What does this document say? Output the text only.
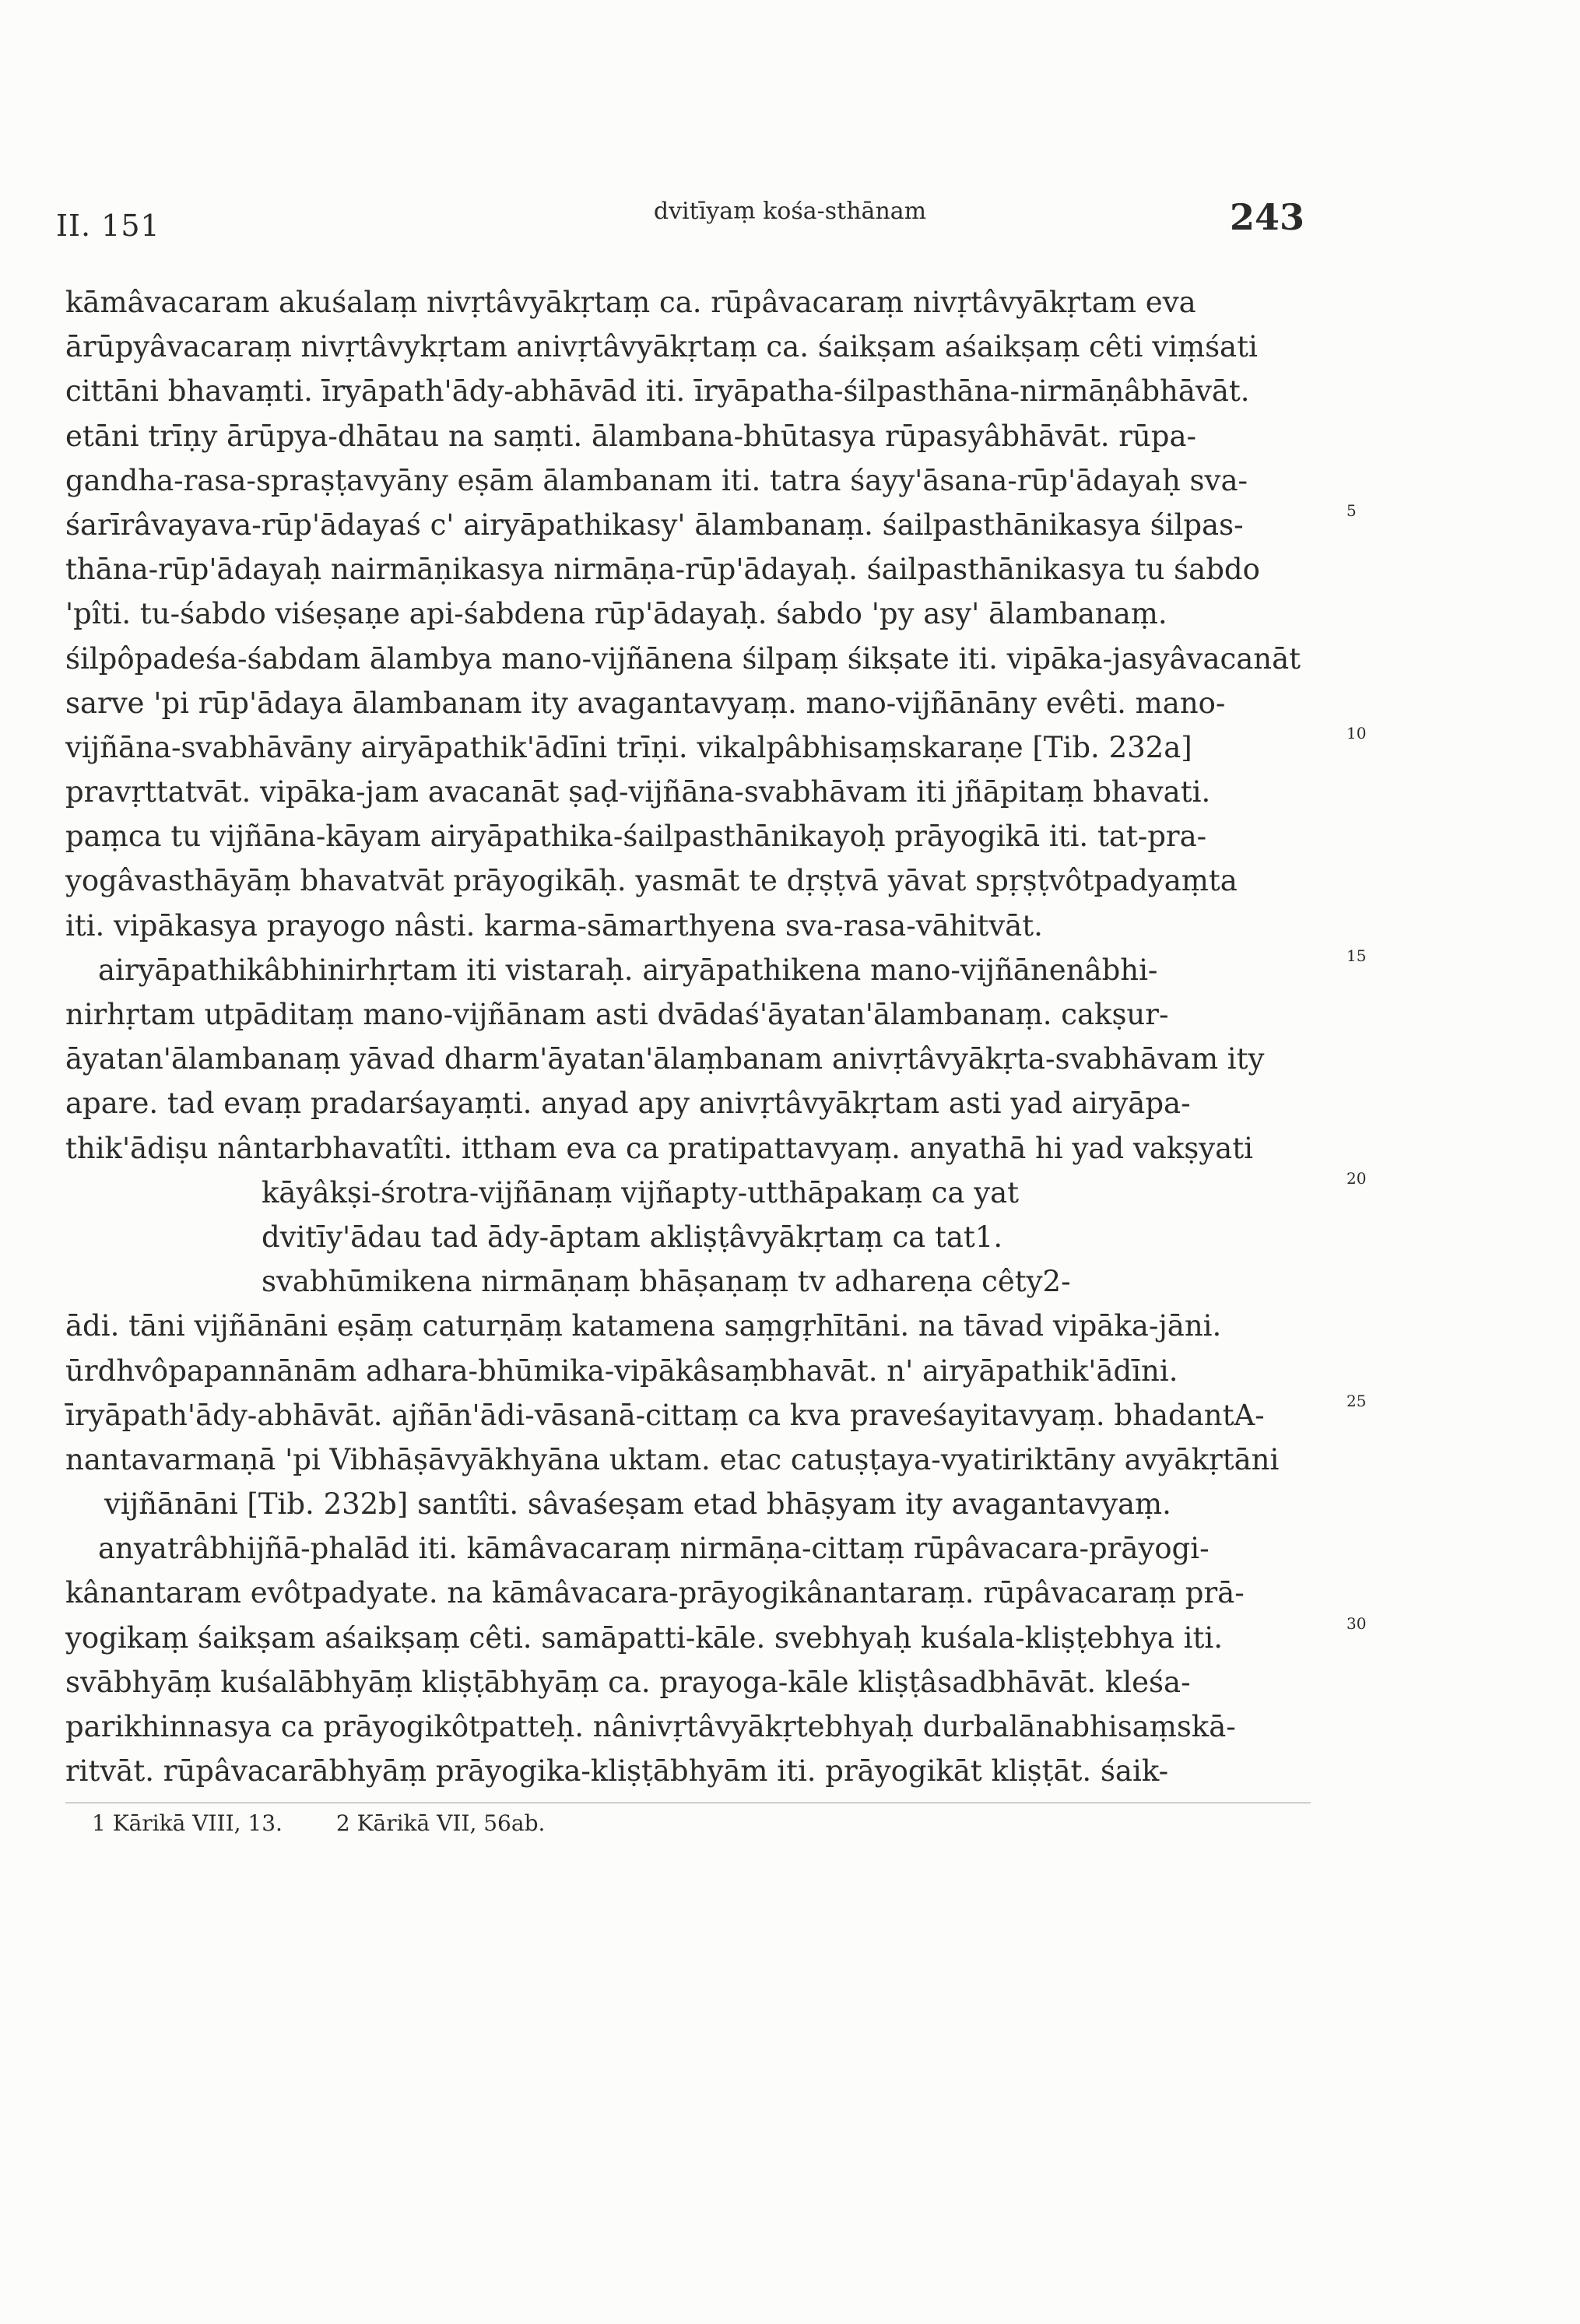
II. 151	dvitīyaṃ kośa-sthānam	243
kāmâvacaram akuśalaṃ nivṛtâvyākṛtaṃ ca. rūpâvacaraṃ nivṛtâvyākṛtam eva
ārūpyâvacaraṃ nivṛtâvykṛtam anivṛtâvyākṛtaṃ ca. śaikṣam aśaikṣaṃ cêti viṃśati
cittāni bhavaṃti. īryāpath'ādy-abhāvād iti. īryāpatha-śilpasthāna-nirmāṇâbhāvāt.
etāni trīṇy ārūpya-dhātau na saṃti. ālambana-bhūtasya rūpasyâbhāvāt. rūpa-
gandha-rasa-spraṣṭavyāny eṣām ālambanam iti. tatra śayy'āsana-rūp'ādayaḥ sva-
śarīrâvayava-rūp'ādayaś c' airyāpathikasy' ālambanaṃ. śailpasthānikasya śilpas-
thāna-rūp'ādayaḥ nairmāṇikasya nirmāṇa-rūp'ādayaḥ. śailpasthānikasya tu śabdo
'pîti. tu-śabdo viśeṣaṇe api-śabdena rūp'ādayaḥ. śabdo 'py asy' ālambanaṃ.
śilpôpadeśa-śabdam ālambya mano-vijñānena śilpaṃ śikṣate iti. vipāka-jasyâvacanāt
sarve 'pi rūp'ādaya ālambanam ity avagantavyaṃ. mano-vijñānāny evêti. mano-
vijñāna-svabhāvāny airyāpathik'ādīni trīṇi. vikalpâbhisaṃskaraṇe [Tib. 232a]
pravṛttatvāt. vipāka-jam avacanāt ṣaḍ-vijñāna-svabhāvam iti jñāpitaṃ bhavati.
paṃca tu vijñāna-kāyam airyāpathika-śailpasthānikayoḥ prāyogikā iti. tat-pra-
yogâvasthāyāṃ bhavatvāt prāyogikāḥ. yasmāt te dṛṣṭvā yāvat spṛṣṭvôtpadyaṃta
iti. vipākasya prayogo nâsti. karma-sāmarthyena sva-rasa-vāhitvāt.
airyāpathikâbhinirhṛtam iti vistaraḥ. airyāpathikena mano-vijñānenâbhi-
nirhṛtam utpāditaṃ mano-vijñānam asti dvādaś'āyatan'ālambanaṃ. cakṣur-
āyatan'ālambanaṃ yāvad dharm'āyatan'ālaṃbanam anivṛtâvyākṛta-svabhāvam ity
apare. tad evaṃ pradarśayaṃti. anyad apy anivṛtâvyākṛtam asti yad airyāpa-
thik'ādiṣu nântarbhavatîti. ittham eva ca pratipattavyaṃ. anyathā hi yad vakṣyati
kāyâkṣi-śrotra-vijñānaṃ vijñapty-utthāpakaṃ ca yat
dvitīy'ādau tad ādy-āptam akliṣṭâvyākṛtaṃ ca tat1.
svabhūmikena nirmāṇaṃ bhāṣaṇaṃ tv adhareṇa cêty2-
ādi. tāni vijñānāni eṣāṃ caturṇāṃ katamena saṃgṛhītāni. na tāvad vipāka-jāni.
ūrdhvôpapannānām adhara-bhūmika-vipākâsaṃbhavāt. n' airyāpathik'ādīni.
īryāpath'ādy-abhāvāt. ajñān'ādi-vāsanā-cittaṃ ca kva praveśayitavyaṃ. bhadantA-
nantavarmaṇā 'pi Vibhāṣāvyākhyāna uktam. etac catuṣṭaya-vyatiriktāny avyākṛtāni
vijñānāni [Tib. 232b] santîti. sâvaśeṣam etad bhāṣyam ity avagantavyaṃ.
anyatrâbhijñā-phalād iti. kāmâvacaraṃ nirmāṇa-cittaṃ rūpâvacara-prāyogi-
kânantaram evôtpadyate. na kāmâvacara-prāyogikânantaraṃ. rūpâvacaraṃ prā-
yogikaṃ śaikṣam aśaikṣaṃ cêti. samāpatti-kāle. svebhyaḥ kuśala-kliṣṭebhya iti.
svābhyāṃ kuśalābhyāṃ kliṣṭābhyāṃ ca. prayoga-kāle kliṣṭâsadbhāvāt. kleśa-
parikhinnasya ca prāyogikôtpatteḥ. nânivṛtâvyākṛtebhyaḥ durbalānabhisaṃskā-
ritvāt. rūpâvacarābhyāṃ prāyogika-kliṣṭābhyām iti. prāyogikāt kliṣṭāt. śaik-
5
10
15
20
25
30
1 Kārikā VIII, 13. 2 Kārikā VII, 56ab.
